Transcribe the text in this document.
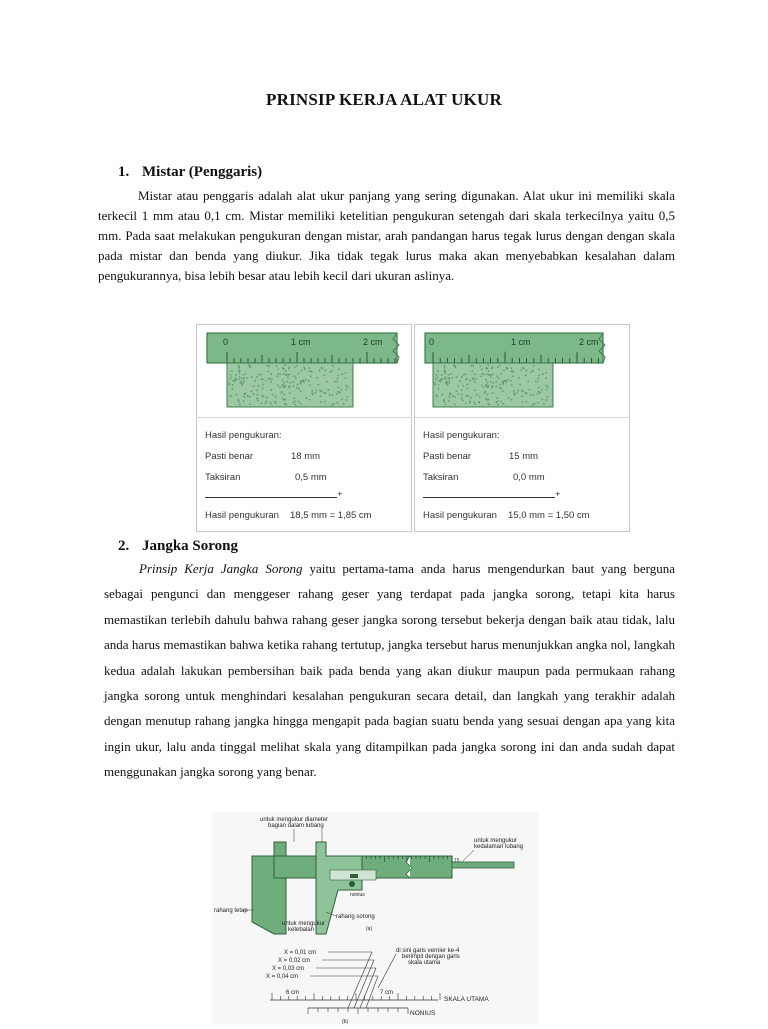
PRINSIP KERJA ALAT UKUR
1. Mistar (Penggaris)
Mistar atau penggaris adalah alat ukur panjang yang sering digunakan. Alat ukur ini memiliki skala terkecil 1 mm atau 0,1 cm. Mistar memiliki ketelitian pengukuran setengah dari skala terkecilnya yaitu 0,5 mm. Pada saat melakukan pengukuran dengan mistar, arah pandangan harus tegak lurus dengan dengan skala pada mistar dan benda yang diukur. Jika tidak tegak lurus maka akan menyebabkan kesalahan dalam pengukurannya, bisa lebih besar atau lebih kecil dari ukuran aslinya.
0	1 cm	2 cm
Hasil pengukuran:
Pasti benar	18 mm
Taksiran	0,5 mm
+
Hasil pengukuran 18,5 mm = 1,85 cm
0	1 cm	2 cm
Hasil pengukuran:
Pasti benar	15 mm
Taksiran	0,0 mm
+
Hasil pengukuran 15,0 mm = 1,50 cm
2. Jangka Sorong
Prinsip Kerja Jangka Sorong yaitu pertama-tama anda harus mengendurkan baut yang berguna sebagai pengunci dan menggeser rahang geser yang terdapat pada jangka sorong, tetapi kita harus memastikan terlebih dahulu bahwa rahang geser jangka sorong tersebut bekerja dengan baik atau tidak, lalu anda harus memastikan bahwa ketika rahang tertutup, jangka tersebut harus menunjukkan angka nol, langkah kedua adalah lakukan pembersihan baik pada benda yang akan diukur maupun pada permukaan rahang jangka sorong untuk menghindari kesalahan pengukuran secara detail, dan langkah yang terakhir adalah dengan menutup rahang jangka hingga mengapit pada bagian suatu benda yang sesuai dengan apa yang kita ingin ukur, lalu anda tinggal melihat skala yang ditampilkan pada jangka sorong ini dan anda sudah dapat menggunakan jangka sorong yang benar.
untuk mengukur diameter
bagian dalam lubang
untuk mengukur
kedalaman lubang
15
nonius
rahang tetap
rahang sorong
untuk mengukur
ketebalan	(a)
X = 0,01 cm
X = 0,02 cm
X = 0,03 cm
X = 0,04 cm
di sini garis vernier ke-4
berimpit dengan garis
skala utama
6 cm	7 cm
SKALA UTAMA
NONIUS
(b)
